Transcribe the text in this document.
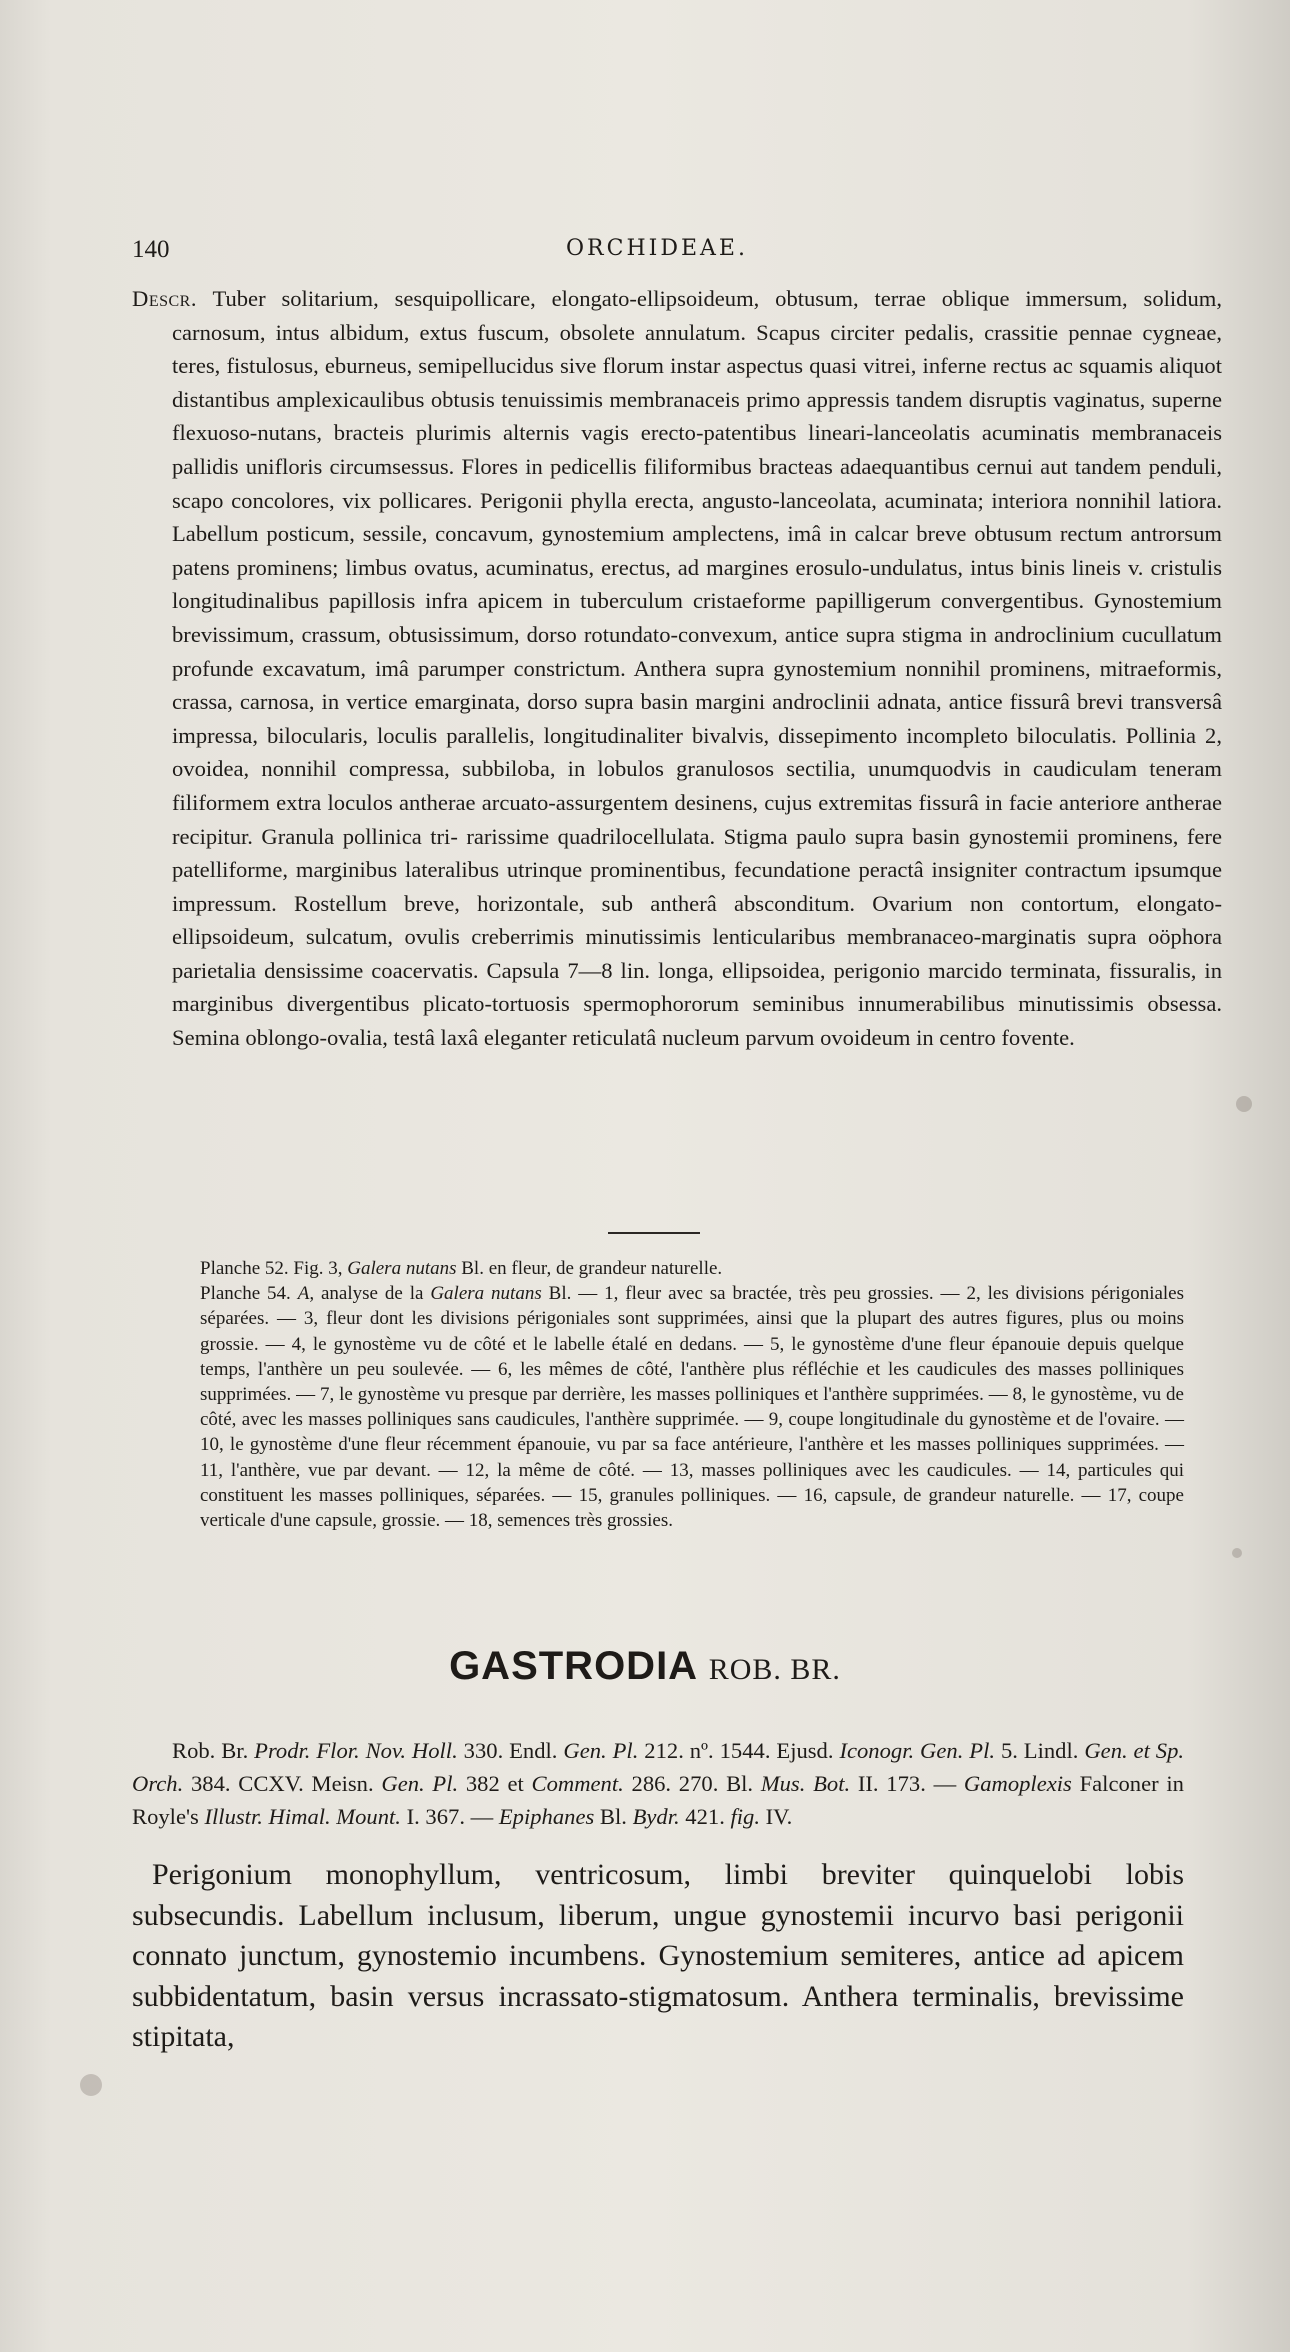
140	ORCHIDEAE.
Descr. Tuber solitarium, sesquipollicare, elongato-ellipsoideum, obtusum, terrae oblique immersum, solidum, carnosum, intus albidum, extus fuscum, obsolete annulatum. Scapus circiter pedalis, crassitie pennae cygneae, teres, fistulosus, eburneus, semipellucidus sive florum instar aspectus quasi vitrei, inferne rectus ac squamis aliquot distantibus amplexicaulibus obtusis tenuissimis membranaceis primo appressis tandem disruptis vaginatus, superne flexuoso-nutans, bracteis plurimis alternis vagis erecto-patentibus lineari-lanceolatis acuminatis membranaceis pallidis unifloris circumsessus. Flores in pedicellis filiformibus bracteas adaequantibus cernui aut tandem penduli, scapo concolores, vix pollicares. Perigonii phylla erecta, angusto-lanceolata, acuminata; interiora nonnihil latiora. Labellum posticum, sessile, concavum, gynostemium amplectens, imâ in calcar breve obtusum rectum antrorsum patens prominens; limbus ovatus, acuminatus, erectus, ad margines erosulo-undulatus, intus binis lineis v. cristulis longitudinalibus papillosis infra apicem in tuberculum cristaeforme papilligerum convergentibus. Gynostemium brevissimum, crassum, obtusissimum, dorso rotundato-convexum, antice supra stigma in androclinium cucullatum profunde excavatum, imâ parumper constrictum. Anthera supra gynostemium nonnihil prominens, mitraeformis, crassa, carnosa, in vertice emarginata, dorso supra basin margini androclinii adnata, antice fissurâ brevi transversâ impressa, bilocularis, loculis parallelis, longitudinaliter bivalvis, dissepimento incompleto biloculatis. Pollinia 2, ovoidea, nonnihil compressa, subbiloba, in lobulos granulosos sectilia, unumquodvis in caudiculam teneram filiformem extra loculos antherae arcuato-assurgentem desinens, cujus extremitas fissurâ in facie anteriore antherae recipitur. Granula pollinica tri- rarissime quadrilocellulata. Stigma paulo supra basin gynostemii prominens, fere patelliforme, marginibus lateralibus utrinque prominentibus, fecundatione peractâ insigniter contractum ipsumque impressum. Rostellum breve, horizontale, sub antherâ absconditum. Ovarium non contortum, elongato-ellipsoideum, sulcatum, ovulis creberrimis minutissimis lenticularibus membranaceo-marginatis supra oöphora parietalia densissime coacervatis. Capsula 7—8 lin. longa, ellipsoidea, perigonio marcido terminata, fissuralis, in marginibus divergentibus plicato-tortuosis spermophororum seminibus innumerabilibus minutissimis obsessa. Semina oblongo-ovalia, testâ laxâ eleganter reticulatâ nucleum parvum ovoideum in centro fovente.

Planche 52. Fig. 3, Galera nutans Bl. en fleur, de grandeur naturelle.

Planche 54. A, analyse de la Galera nutans Bl. — 1, fleur avec sa bractée, très peu grossies. — 2, les divisions périgoniales séparées. — 3, fleur dont les divisions périgoniales sont supprimées, ainsi que la plupart des autres figures, plus ou moins grossie. — 4, le gynostème vu de côté et le labelle étalé en dedans. — 5, le gynostème d'une fleur épanouie depuis quelque temps, l'anthère un peu soulevée. — 6, les mêmes de côté, l'anthère plus réfléchie et les caudicules des masses polliniques supprimées. — 7, le gynostème vu presque par derrière, les masses polliniques et l'anthère supprimées. — 8, le gynostème, vu de côté, avec les masses polliniques sans caudicules, l'anthère supprimée. — 9, coupe longitudinale du gynostème et de l'ovaire. — 10, le gynostème d'une fleur récemment épanouie, vu par sa face antérieure, l'anthère et les masses polliniques supprimées. — 11, l'anthère, vue par devant. — 12, la même de côté. — 13, masses polliniques avec les caudicules. — 14, particules qui constituent les masses polliniques, séparées. — 15, granules polliniques. — 16, capsule, de grandeur naturelle. — 17, coupe verticale d'une capsule, grossie. — 18, semences très grossies.

GASTRODIA ROB. BR.
Rob. Br. Prodr. Flor. Nov. Holl. 330. Endl. Gen. Pl. 212. nº. 1544. Ejusd. Iconogr. Gen. Pl. 5. Lindl. Gen. et Sp. Orch. 384. CCXV. Meisn. Gen. Pl. 382 et Comment. 286. 270. Bl. Mus. Bot. II. 173. — Gamoplexis Falconer in Royle's Illustr. Himal. Mount. I. 367. — Epiphanes Bl. Bydr. 421. fig. IV.
Perigonium monophyllum, ventricosum, limbi breviter quinquelobi lobis subsecundis. Labellum inclusum, liberum, ungue gynostemii incurvo basi perigonii connato junctum, gynostemio incumbens. Gynostemium semiteres, antice ad apicem subbidentatum, basin versus incrassato-stigmatosum. Anthera terminalis, brevissime stipitata,
